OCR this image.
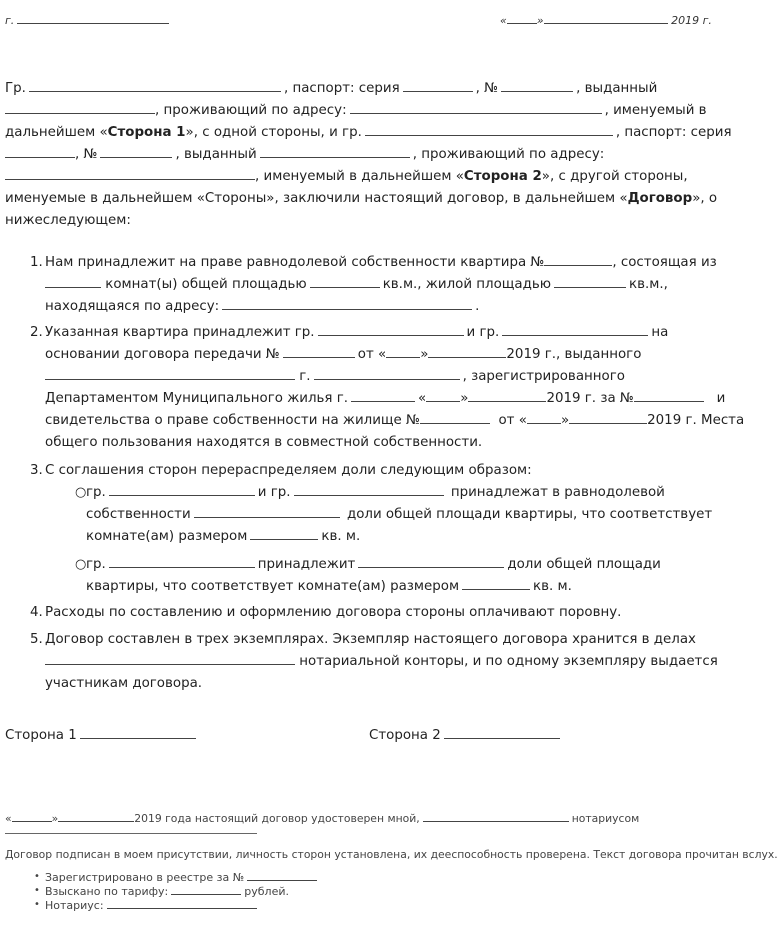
г.	«	»	2019 г.
Гр.	, паспорт: серия	, №	, выданный
, проживающий по адресу:	, именуемый в
дальнейшем «Сторона 1», с одной стороны, и гр.	, паспорт: серия
, №	, выданный	, проживающий по адресу:
, именуемый в дальнейшем «Сторона 2», с другой стороны,
именуемые в дальнейшем «Стороны», заключили настоящий договор, в дальнейшем «Договор», о
нижеследующем:
1. Нам принадлежит на праве равнодолевой собственности квартира №	, состоящая из
комнат(ы) общей площадью	кв.м., жилой площадью	кв.м.,
находящаяся по адресу:	.
2. Указанная квартира принадлежит гр.	и гр.	на
основании договора передачи №	от «	»	2019 г., выданного
г.	, зарегистрированного
Департаментом Муниципального жилья г.	«	»	2019 г. за №	и
свидетельства о праве собственности на жилище №	от «	»	2019 г. Места
общего пользования находятся в совместной собственности.
3. С соглашения сторон перераспределяем доли следующим образом:
○ гр.	и гр.	принадлежат в равнодолевой
собственности	доли общей площади квартиры, что соответствует
комнате(ам) размером	кв. м.
○ гр.	принадлежит	доли общей площади
квартиры, что соответствует комнате(ам) размером	кв. м.
4. Расходы по составлению и оформлению договора стороны оплачивают поровну.
5. Договор составлен в трех экземплярах. Экземпляр настоящего договора хранится в делах
нотариальной конторы, и по одному экземпляру выдается
участникам договора.
Сторона 1	Сторона 2
«	»	2019 года настоящий договор удостоверен мной,	нотариусом
Договор подписан в моем присутствии, личность сторон установлена, их дееспособность проверена. Текст договора прочитан вслух.
• Зарегистрировано в реестре за №
• Взыскано по тарифу:	рублей.
• Нотариус:
